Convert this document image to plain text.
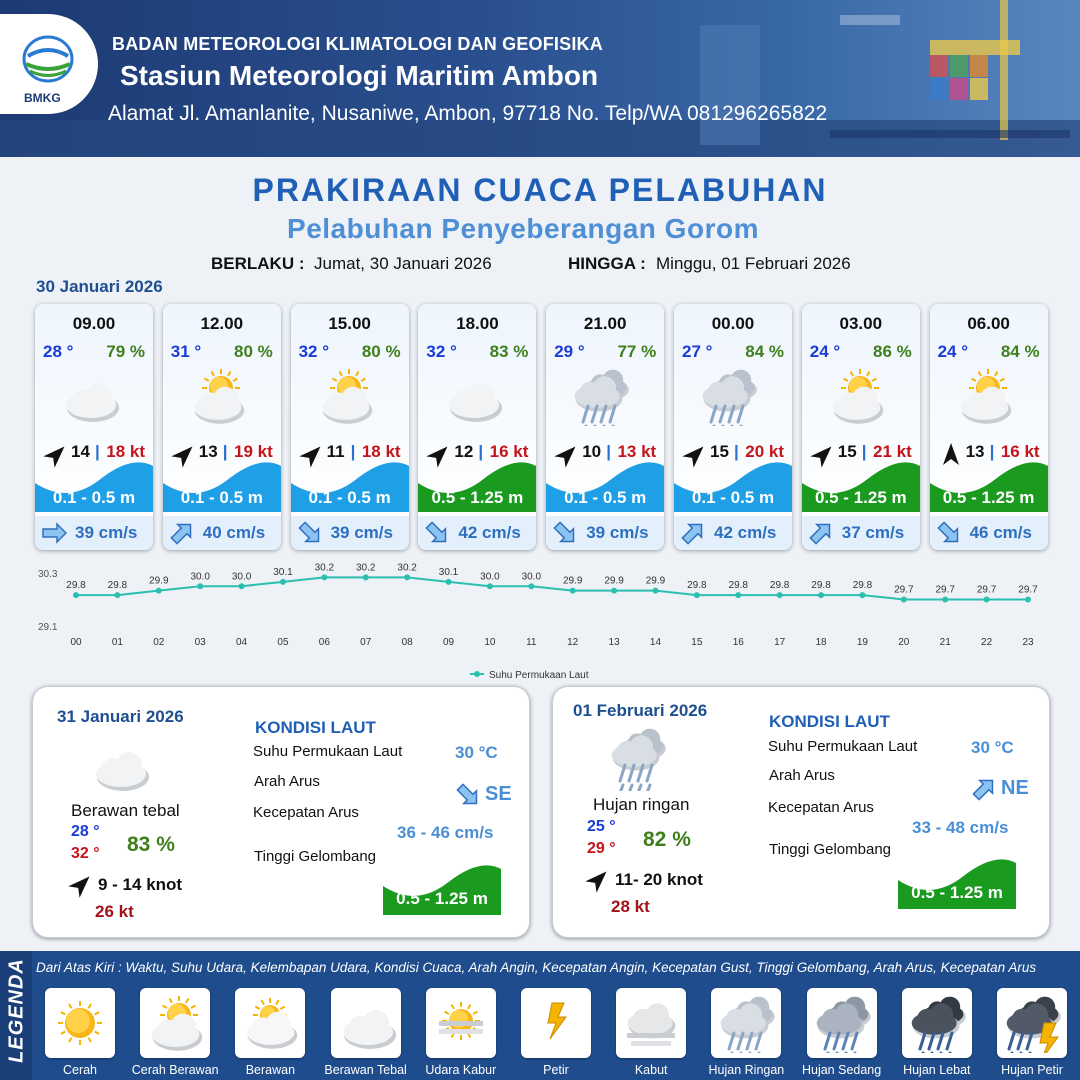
BMKG
BADAN METEOROLOGI KLIMATOLOGI DAN GEOFISIKA
Stasiun Meteorologi Maritim Ambon
Alamat Jl. Amanlanite, Nusaniwe, Ambon, 97718 No. Telp/WA 081296265822
PRAKIRAAN CUACA PELABUHAN
Pelabuhan Penyeberangan Gorom
BERLAKU : Jumat, 30 Januari 2026	HINGGA : Minggu, 01 Februari 2026
30 Januari 2026
09.00
28 ° 79 %
14 | 18 kt
0.1 - 0.5 m
39 cm/s
12.00
31 ° 80 %
13 | 19 kt
0.1 - 0.5 m
40 cm/s
15.00
32 ° 80 %
11 | 18 kt
0.1 - 0.5 m
39 cm/s
18.00
32 ° 83 %
12 | 16 kt
0.5 - 1.25 m
42 cm/s
21.00
29 ° 77 %
10 | 13 kt
0.1 - 0.5 m
39 cm/s
00.00
27 ° 84 %
15 | 20 kt
0.1 - 0.5 m
42 cm/s
03.00
24 ° 86 %
15 | 21 kt
0.5 - 1.25 m
37 cm/s
06.00
24 ° 84 %
13 | 16 kt
0.5 - 1.25 m
46 cm/s
30.3
29.1
29.8
00
29.8
01
29.9
02
30.0
03
30.0
04
30.1
05
30.2
06
30.2
07
30.2
08
30.1
09
30.0
10
30.0
11
29.9
12
29.9
13
29.9
14
29.8
15
29.8
16
29.8
17
29.8
18
29.8
19
29.7
20
29.7
21
29.7
22
29.7
23
Suhu Permukaan Laut
31 Januari 2026
Berawan tebal
28 °
32 ° 83 %
9 - 14 knot
26 kt
KONDISI LAUT
Suhu Permukaan Laut	30 °C
Arah Arus
SE
Kecepatan Arus
36 - 46 cm/s
Tinggi Gelombang
0.5 - 1.25 m
01 Februari 2026
Hujan ringan
25 °
29 ° 82 %
11- 20 knot
28 kt
KONDISI LAUT
Suhu Permukaan Laut	30 °C
Arah Arus
NE
Kecepatan Arus
33 - 48 cm/s
Tinggi Gelombang
0.5 - 1.25 m
LEGENDA Dari Atas Kiri : Waktu, Suhu Udara, Kelembapan Udara, Kondisi Cuaca, Arah Angin, Kecepatan Angin, Kecepatan Gust, Tinggi Gelombang, Arah Arus, Kecepatan Arus
Cerah	Cerah Berawan	Berawan	Berawan Tebal	Udara Kabur	Petir	Kabut	Hujan Ringan	Hujan Sedang	Hujan Lebat	Hujan Petir
